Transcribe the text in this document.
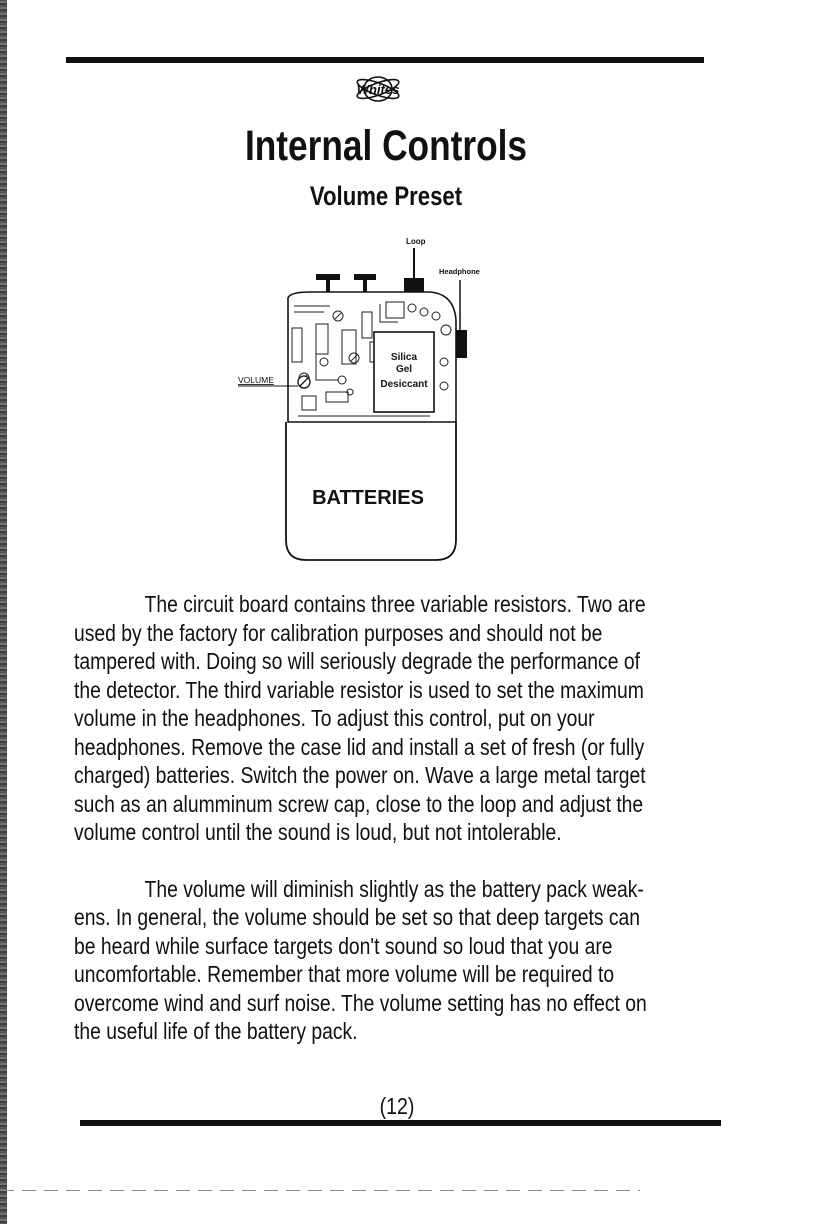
Whites
Internal Controls
Volume Preset
Loop
Headphone
Silica
Gel
Desiccant
VOLUME
BATTERIES

The circuit board contains three variable resistors. Two are
used by the factory for calibration purposes and should not be
tampered with. Doing so will seriously degrade the performance of
the detector. The third variable resistor is used to set the maximum
volume in the headphones. To adjust this control, put on your
headphones. Remove the case lid and install a set of fresh (or fully
charged) batteries. Switch the power on. Wave a large metal target
such as an alumminum screw cap, close to the loop and adjust the
volume control until the sound is loud, but not intolerable.

The volume will diminish slightly as the battery pack weak-
ens. In general, the volume should be set so that deep targets can
be heard while surface targets don't sound so loud that you are
uncomfortable. Remember that more volume will be required to
overcome wind and surf noise. The volume setting has no effect on
the useful life of the battery pack.

(12)
